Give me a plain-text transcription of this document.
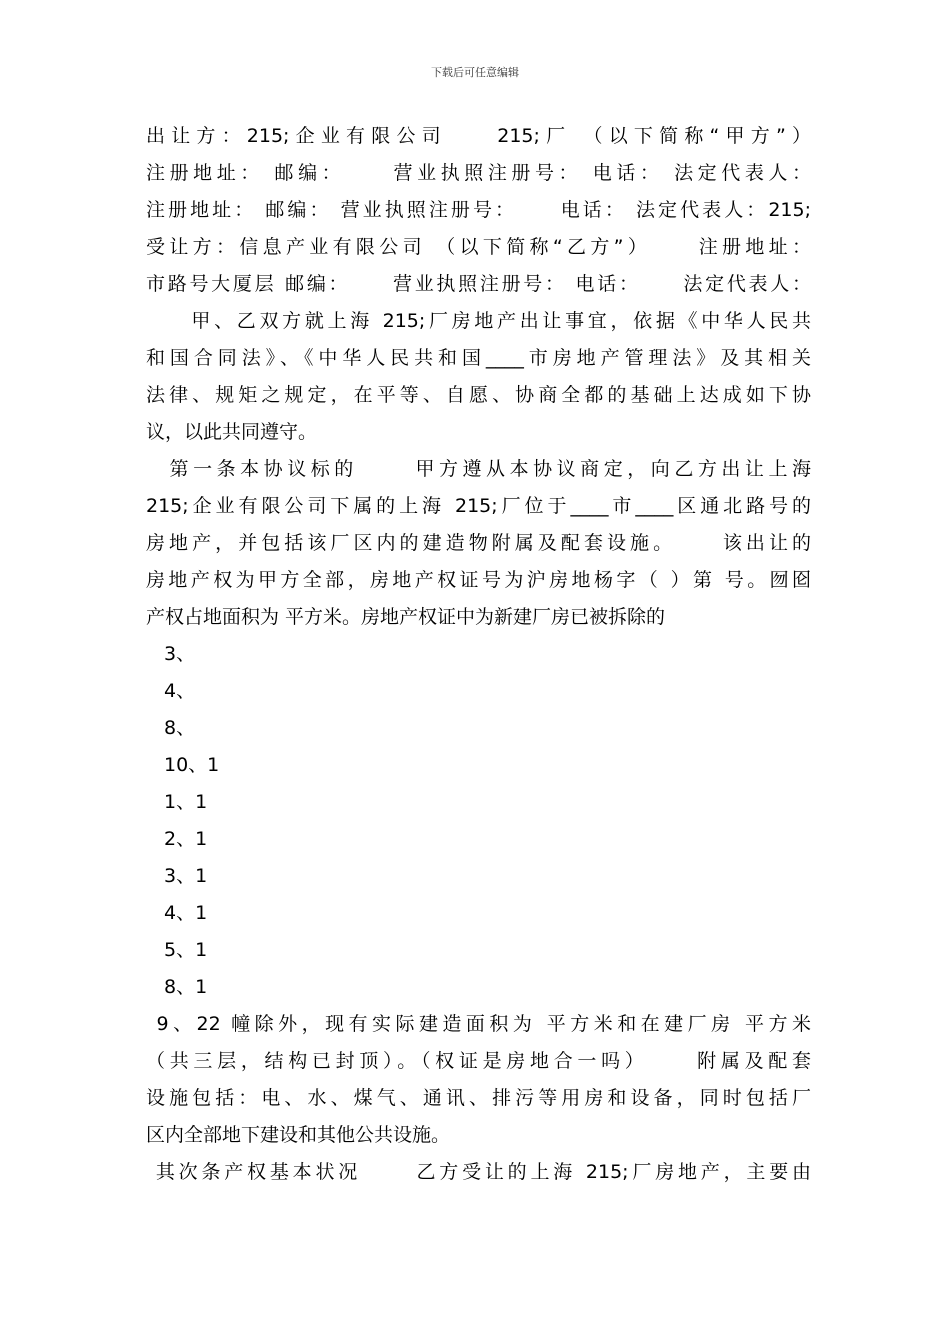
下载后可任意编辑
出让方：215;企业有限公司　　215;厂 （以下简称“甲方”）
注册地址： 邮编：　　 营业执照注册号： 电话： 法定代表人：
注册地址： 邮编： 营业执照注册号：　　 电话： 法定代表人：215;
受让方：信息产业有限公司 （以下简称“乙方”）　　 注册地址：
市路号大厦层 邮编：　　 营业执照注册号： 电话：　　 法定代表人：
　　甲、乙双方就上海 215;厂房地产出让事宜，依据《中华人民共
和国合同法》、《中华人民共和国____市房地产管理法》及其相关
法律、规矩之规定，在平等、自愿、协商全都的基础上达成如下协
议，以此共同遵守。
　第一条本协议标的　　 甲方遵从本协议商定，向乙方出让上海
215;企业有限公司下属的上海 215;厂位于____市____区通北路号的
房地产，并包括该厂区内的建造物附属及配套设施。　　 该出让的
房地产权为甲方全部，房地产权证号为沪房地杨字（ ）第 号。囫囵
产权占地面积为 平方米。房地产权证中为新建厂房已被拆除的
3、
4、
8、
10、1
1、1
2、1
3、1
4、1
5、1
8、1
9、22 幢除外，现有实际建造面积为 平方米和在建厂房 平方米
（共三层，结构已封顶）。（权证是房地合一吗）　　 附属及配套
设施包括：电、水、煤气、通讯、排污等用房和设备，同时包括厂
区内全部地下建设和其他公共设施。
其次条产权基本状况　　 乙方受让的上海 215;厂房地产，主要由
